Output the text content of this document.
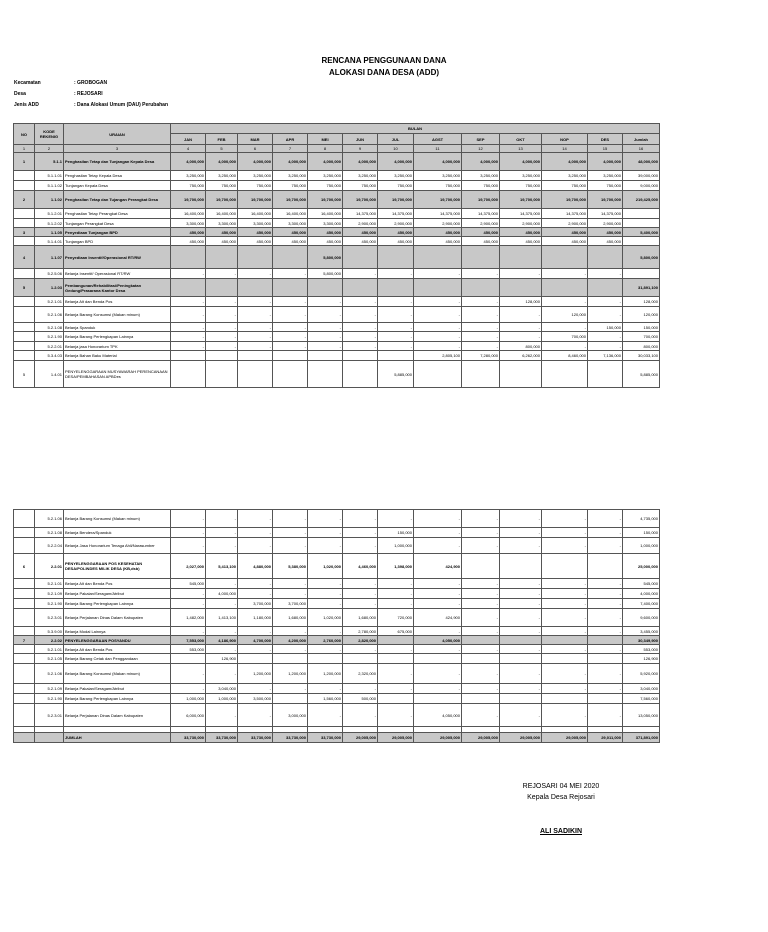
RENCANA PENGGUNAAN DANA
ALOKASI DANA DESA (ADD)
Kecamatan	: GROBOGAN
Desa	: REJOSARI
Jenis ADD	: Dana Alokasi Umum (DAU) Perubahan
NO	KODE REKENIG	URAIAN	BULAN												
			JAN	FEB	MAR	APR	MEI	JUN	JUL	AGST	SEP	OKT	NOP	DES	Jumlah
1	2	3	4	5	6	7	8	9	10	11	12	13	14	15	16
1	5.1.1	Penghasilan Tetap dan Tunjangan Kepala Desa	4,000,000	4,000,000	4,000,000	4,000,000	4,000,000	4,000,000	4,000,000	4,000,000	4,000,000	4,000,000	4,000,000	4,000,000	48,000,000
	5.1.1.01	Penghasilan Tetap Kepala Desa	3,250,000	3,250,000	3,250,000	3,250,000	3,250,000	3,250,000	3,250,000	3,250,000	3,250,000	3,250,000	3,250,000	3,250,000	39,000,000
	5.1.1.02	Tunjangan Kepala Desa	750,000	750,000	750,000	750,000	750,000	750,000	750,000	750,000	750,000	750,000	750,000	750,000	9,000,000
2	1.1.02	Penghasilan Tetap dan Tujangan Perangkat Desa	19,700,000	19,700,000	19,700,000	19,700,000	19,700,000	19,700,000	19,700,000	19,700,000	19,700,000	19,700,000	19,700,000	19,700,000	219,425,000
	5.1.2.01	Penghasilan Tetap Perangkat Desa	16,400,000	16,400,000	16,400,000	16,400,000	16,400,000	14,375,000	14,375,000	14,375,000	14,375,000	14,375,000	14,375,000	14,375,000	
	5.1.2.02	Tunjangan Perangkat Desa	3,300,000	3,300,000	3,300,000	3,300,000	3,300,000	2,900,000	2,900,000	2,900,000	2,900,000	2,900,000	2,900,000	2,900,000	
3	1.1.05	Penyediaan Tunjangan BPD	450,000	450,000	450,000	450,000	450,000	450,000	450,000	450,000	450,000	450,000	450,000	450,000	5,400,000
	5.1.4.01	Tunjangan BPD	450,000	450,000	450,000	450,000	450,000	450,000	450,000	450,000	450,000	450,000	450,000	450,000	
4	1.1.07	Penyediaan Insentif/Operasional RT/RW					5,800,000								5,800,000
	5.2.5.06	Belanja Insentif/ Operasional RT/RW	-	-	-	-	5,800,000	-	-	-	-	-	-	-	
5	1.2.03	Pembangunan/Rehabilitasi/Peningkatan Gedung/Prasarana Kantor Desa													31,891,100
	5.2.1.01	Belanja Alt dan Benda Pos	-	-	-	-	-	-	-	-	-	128,000	-	-	128,000
	5.2.1.06	Belanja Barang Konsumsi (Makan minum)	-	-	-	-	-	-	-	-	-	-	120,000	-	120,000
	5.2.1.08	Belanja Spanduk	-	-	-	-	-	-	-	-	-	-	-	150,000	150,000
	5.2.1.90	Belanja Barang Perlengkapan Lainnya	-	-	-	-	-	-	-	-	-	-	700,000	-	700,000
	5.2.2.01	Belanja jasa Honorarium TPK	-	-	-	-	-	-	-	-	-	800,000	-	-	800,000
	5.3.4.03	Belanja Bahan Baku Material								2,805,100	7,280,000	6,262,000	8,460,000	7,136,000	30,033,100
5	1.4.01	PENYELENGGARAAN MUSYAWARAH PERENCANAAN DESA/PEMBAHASAN APBDes							5,885,000						5,885,000
	5.2.1.06	Belanja Barang Konsumsi (Makan minum)	-	-	-	-	-	-	-	-	-	-	-	-	4,735,000
	5.2.1.08	Belanja Bendera/Spanduk	-	-	-	-	-	-	150,000	-	-	-	-	-	150,000
	5.2.2.04	Belanja Jasa Honorarium Tenaga Ahli/Narasumber	-	-	-	-	-	-	1,000,000	-	-	-	-	-	1,000,000
6	2.2.01	PENYELENGGARAAN POS KESEHATAN DESA/POLINDES MILIK DESA (KB,dsb)	2,027,000	5,413,100	4,880,000	5,380,000	1,020,000	4,460,000	1,398,000	424,900					25,000,000
	5.2.1.01	Belanja Alt dan Benda Pos	545,000	-	-	-	-	-	-	-	-	-	-	-	545,000
	5.2.1.09	Belanja Pakaian/Seragam/Atribut	-	4,000,000	-	-	-	-	-	-	-	-	-	-	4,000,000
	5.2.1.90	Belanja Barang Perlengkapan Lainnya	-	-	3,700,000	3,700,000	-	-	-	-	-	-	-	-	7,400,000
	5.2.3.01	Belanja Perjalanan Dinas Dalam Kabupaten	1,482,000	1,413,100	1,180,000	1,680,000	1,020,000	1,680,000	720,000	424,900	-	-	-	-	9,600,000
	5.3.9.00	Belanja Modal Lainnya	-	-	-	-	-	2,780,000	675,000	-	-	-	-	-	3,455,000
7	2.2.02	PENYELENGGARAAN POSYANDU	7,553,000	4,186,900	4,700,000	4,200,000	2,760,000	2,820,000		4,050,000					30,349,900
	5.2.1.01	Belanja Alt dan Benda Pos	553,000	-	-	-	-	-	-	-	-	-	-	-	553,000
	5.2.1.05	Belanja Barang Cetak dan Penggandaan		126,900											126,900
	5.2.1.06	Belanja Barang Konsumsi (Makan minum)	-	-	1,200,000	1,200,000	1,200,000	2,320,000	-	-	-	-	-	-	5,920,000
	5.2.1.09	Belanja Pakaian/Seragam/Atribut	-	3,040,000	-	-	-	-	-	-	-	-	-	-	3,040,000
	5.2.1.90	Belanja Barang Perlengkapan Lainnya	1,000,000	1,000,000	3,500,000		1,560,000	500,000							7,560,000
	5.2.3.01	Belanja Perjalanan Dinas Dalam Kabupaten	6,000,000	-	-	3,000,000	-	-	-	4,050,000	-	-	-	-	13,050,000

		JUMLAH	33,730,000	33,730,000	33,730,000	33,730,000	33,730,000	29,005,000	29,005,000	29,005,000	29,005,000	29,005,000	29,005,000	29,011,000	371,891,000
REJOSARI 04 MEI 2020
Kepala Desa Rejosari
ALI SADIKIN
